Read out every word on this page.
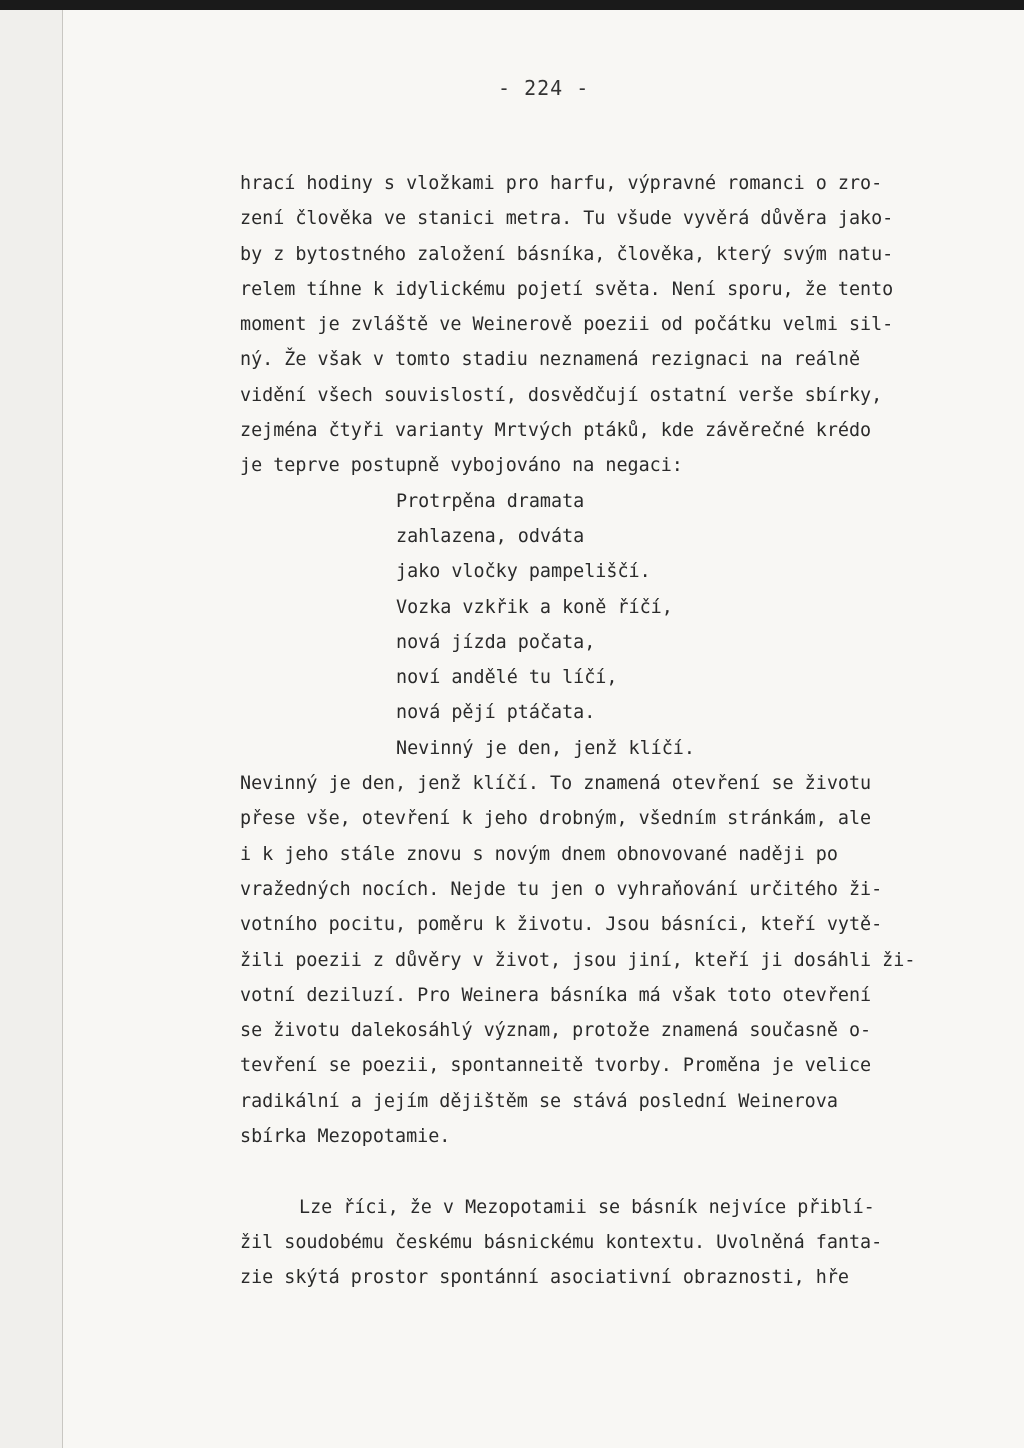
- 224 -
hrací hodiny s vložkami pro harfu, výpravné romanci o zro-
zení člověka ve stanici metra. Tu všude vyvěrá důvěra jako-
by z bytostného založení básníka, člověka, který svým natu-
relem tíhne k idylickému pojetí světa. Není sporu, že tento
moment je zvláště ve Weinerově poezii od počátku velmi sil-
ný. Že však v tomto stadiu neznamená rezignaci na reálně
vidění všech souvislostí, dosvědčují ostatní verše sbírky,
zejména čtyři varianty Mrtvých ptáků, kde závěrečné krédo
je teprve postupně vybojováno na negaci:
Protrpěna dramata
zahlazena, odváta
jako vločky pampeliščí.
Vozka vzkřik a koně říčí,
nová jízda počata,
noví andělé tu líčí,
nová pějí ptáčata.
Nevinný je den, jenž klíčí.
Nevinný je den, jenž klíčí. To znamená otevření se životu
přese vše, otevření k jeho drobným, všedním stránkám, ale
i k jeho stále znovu s novým dnem obnovované naději po
vražedných nocích. Nejde tu jen o vyhraňování určitého ži-
votního pocitu, poměru k životu. Jsou básníci, kteří vytě-
žili poezii z důvěry v život, jsou jiní, kteří ji dosáhli ži-
votní deziluzí. Pro Weinera básníka má však toto otevření
se životu dalekosáhlý význam, protože znamená současně o-
tevření se poezii, spontanneitě tvorby. Proměna je velice
radikální a jejím dějištěm se stává poslední Weinerova
sbírka Mezopotamie.
Lze říci, že v Mezopotamii se básník nejvíce přiblí-
žil soudobému českému básnickému kontextu. Uvolněná fanta-
zie skýtá prostor spontánní asociativní obraznosti, hře
